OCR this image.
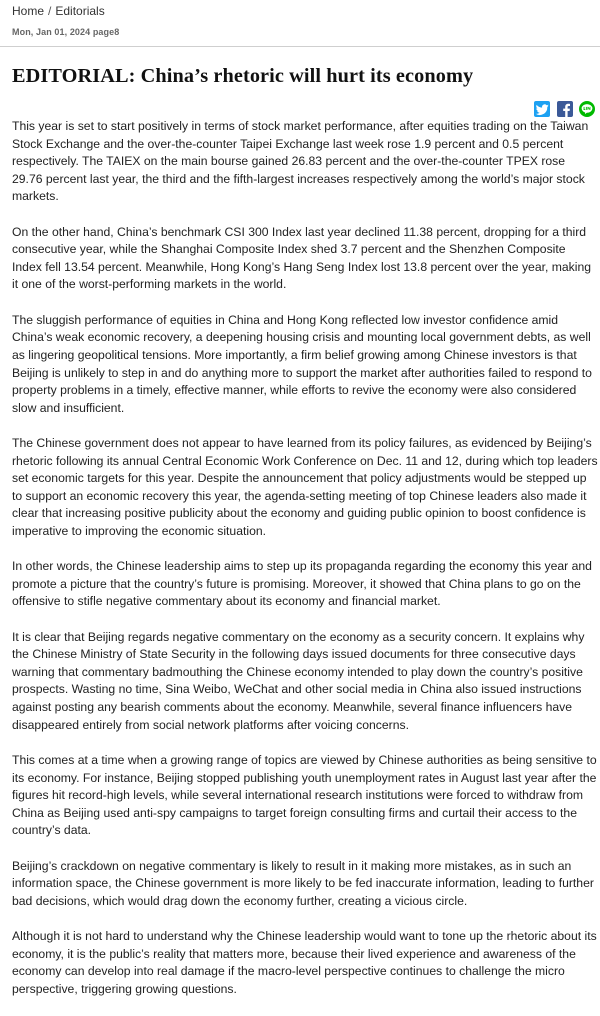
Home / Editorials
Mon, Jan 01, 2024 page8
EDITORIAL: China’s rhetoric will hurt its economy

This year is set to start positively in terms of stock market performance, after equities trading on the Taiwan Stock Exchange and the over-the-counter Taipei Exchange last week rose 1.9 percent and 0.5 percent respectively. The TAIEX on the main bourse gained 26.83 percent and the over-the-counter TPEX rose 29.76 percent last year, the third and the fifth-largest increases respectively among the world’s major stock markets.

On the other hand, China’s benchmark CSI 300 Index last year declined 11.38 percent, dropping for a third consecutive year, while the Shanghai Composite Index shed 3.7 percent and the Shenzhen Composite Index fell 13.54 percent. Meanwhile, Hong Kong’s Hang Seng Index lost 13.8 percent over the year, making it one of the worst-performing markets in the world.

The sluggish performance of equities in China and Hong Kong reflected low investor confidence amid China’s weak economic recovery, a deepening housing crisis and mounting local government debts, as well as lingering geopolitical tensions. More importantly, a firm belief growing among Chinese investors is that Beijing is unlikely to step in and do anything more to support the market after authorities failed to respond to property problems in a timely, effective manner, while efforts to revive the economy were also considered slow and insufficient.

The Chinese government does not appear to have learned from its policy failures, as evidenced by Beijing’s rhetoric following its annual Central Economic Work Conference on Dec. 11 and 12, during which top leaders set economic targets for this year. Despite the announcement that policy adjustments would be stepped up to support an economic recovery this year, the agenda-setting meeting of top Chinese leaders also made it clear that increasing positive publicity about the economy and guiding public opinion to boost confidence is imperative to improving the economic situation.

In other words, the Chinese leadership aims to step up its propaganda regarding the economy this year and promote a picture that the country’s future is promising. Moreover, it showed that China plans to go on the offensive to stifle negative commentary about its economy and financial market.

It is clear that Beijing regards negative commentary on the economy as a security concern. It explains why the Chinese Ministry of State Security in the following days issued documents for three consecutive days warning that commentary badmouthing the Chinese economy intended to play down the country’s positive prospects. Wasting no time, Sina Weibo, WeChat and other social media in China also issued instructions against posting any bearish comments about the economy. Meanwhile, several finance influencers have disappeared entirely from social network platforms after voicing concerns.

This comes at a time when a growing range of topics are viewed by Chinese authorities as being sensitive to its economy. For instance, Beijing stopped publishing youth unemployment rates in August last year after the figures hit record-high levels, while several international research institutions were forced to withdraw from China as Beijing used anti-spy campaigns to target foreign consulting firms and curtail their access to the country’s data.

Beijing’s crackdown on negative commentary is likely to result in it making more mistakes, as in such an information space, the Chinese government is more likely to be fed inaccurate information, leading to further bad decisions, which would drag down the economy further, creating a vicious circle.

Although it is not hard to understand why the Chinese leadership would want to tone up the rhetoric about its economy, it is the public’s reality that matters more, because their lived experience and awareness of the economy can develop into real damage if the macro-level perspective continues to challenge the micro perspective, triggering growing questions.
